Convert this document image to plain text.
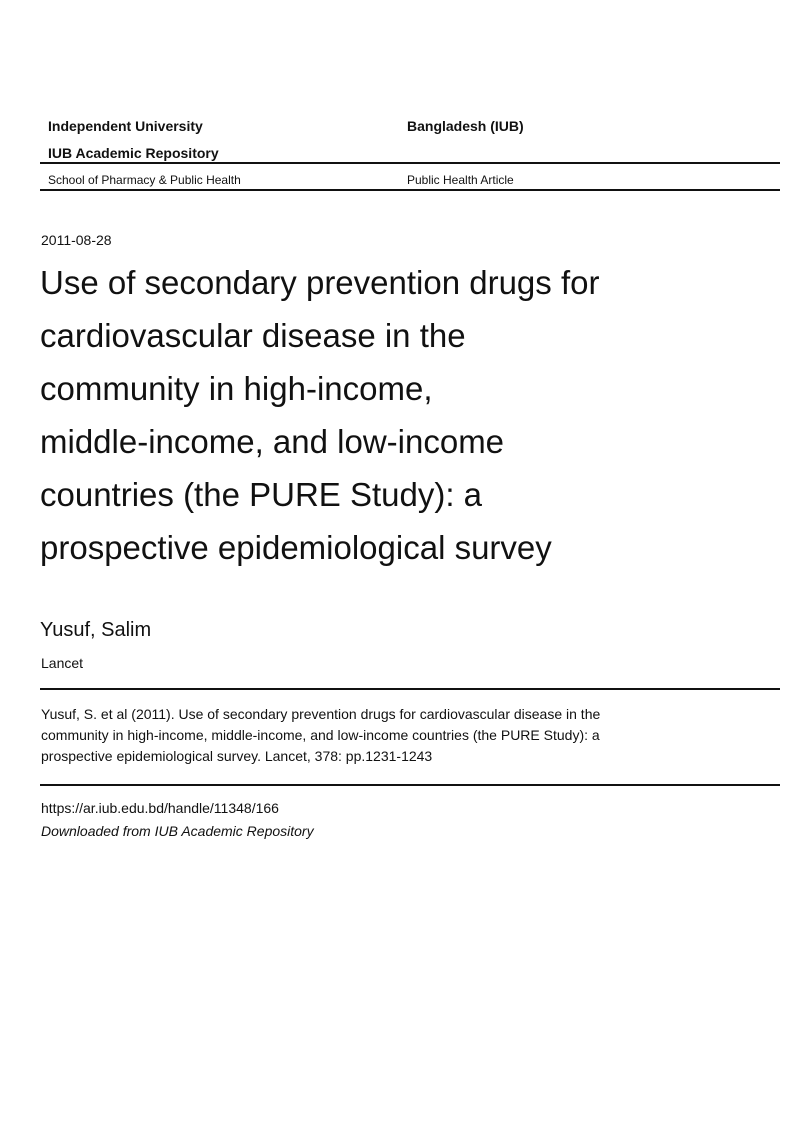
Independent University	Bangladesh (IUB)
IUB Academic Repository
School of Pharmacy & Public Health	Public Health Article
2011-08-28
Use of secondary prevention drugs for
cardiovascular disease in the
community in high-income,
middle-income, and low-income
countries (the PURE Study): a
prospective epidemiological survey
Yusuf, Salim
Lancet
Yusuf, S. et al (2011). Use of secondary prevention drugs for cardiovascular disease in the
community in high-income, middle-income, and low-income countries (the PURE Study): a
prospective epidemiological survey. Lancet, 378: pp.1231-1243
https://ar.iub.edu.bd/handle/11348/166
Downloaded from IUB Academic Repository
